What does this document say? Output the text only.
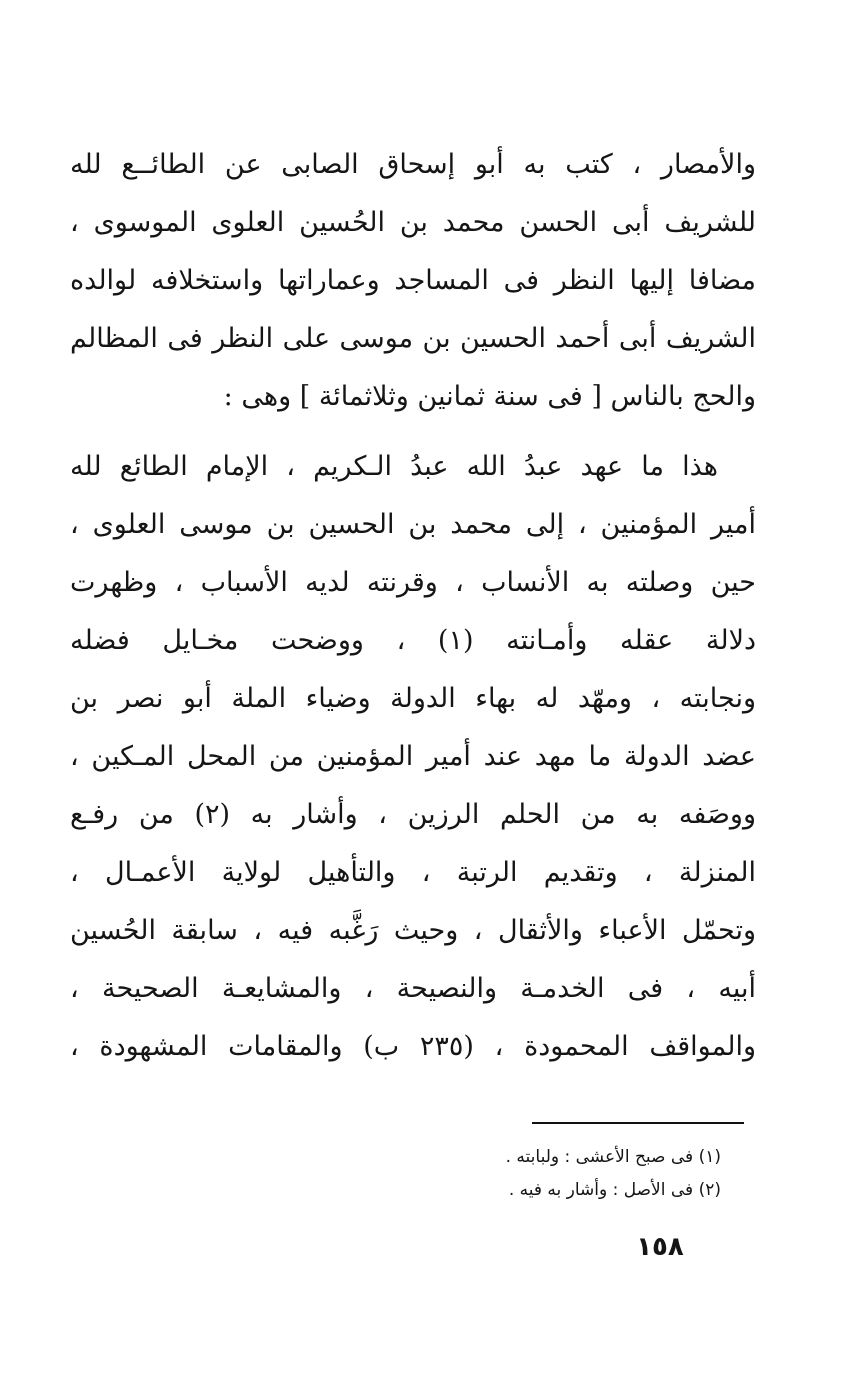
والأمصار ، كتب به أبو إسحاق الصابى عن الطائــع لله
للشريف أبى الحسن محمد بن الحُسين العلوى الموسوى ،
مضافا إليها النظر فى المساجد وعماراتها واستخلافه لوالده
الشريف أبى أحمد الحسين بن موسى على النظر فى المظالم
والحج بالناس [ فى سنة ثمانين وثلاثمائة ] وهى :
هذا ما عهد عبدُ الله عبدُ الـكريم ، الإمام الطائع لله
أمير المؤمنين ، إلى محمد بن الحسين بن موسى العلوى ،
حين وصلته به الأنساب ، وقرنته لديه الأسباب ، وظهرت
دلالة عقله وأمـانته (١) ، ووضحت مخـايل فضله
ونجابته ، ومهّد له بهاء الدولة وضياء الملة أبو نصر بن
عضد الدولة ما مهد عند أمير المؤمنين من المحل المـكين ،
ووصَفه به من الحلم الرزين ، وأشار به (٢) من رفـع
المنزلة ، وتقديم الرتبة ، والتأهيل لولاية الأعمـال ،
وتحمّل الأعباء والأثقال ، وحيث رَغَّبه فيه ، سابقة الحُسين
أبيه ، فى الخدمـة والنصيحة ، والمشايعـة الصحيحة ،
والمواقف المحمودة ، (٢٣٥ ب) والمقامات المشهودة ،
(١) فى صبح الأعشى : ولبابته .
(٢) فى الأصل : وأشار به فيه .
١٥٨
